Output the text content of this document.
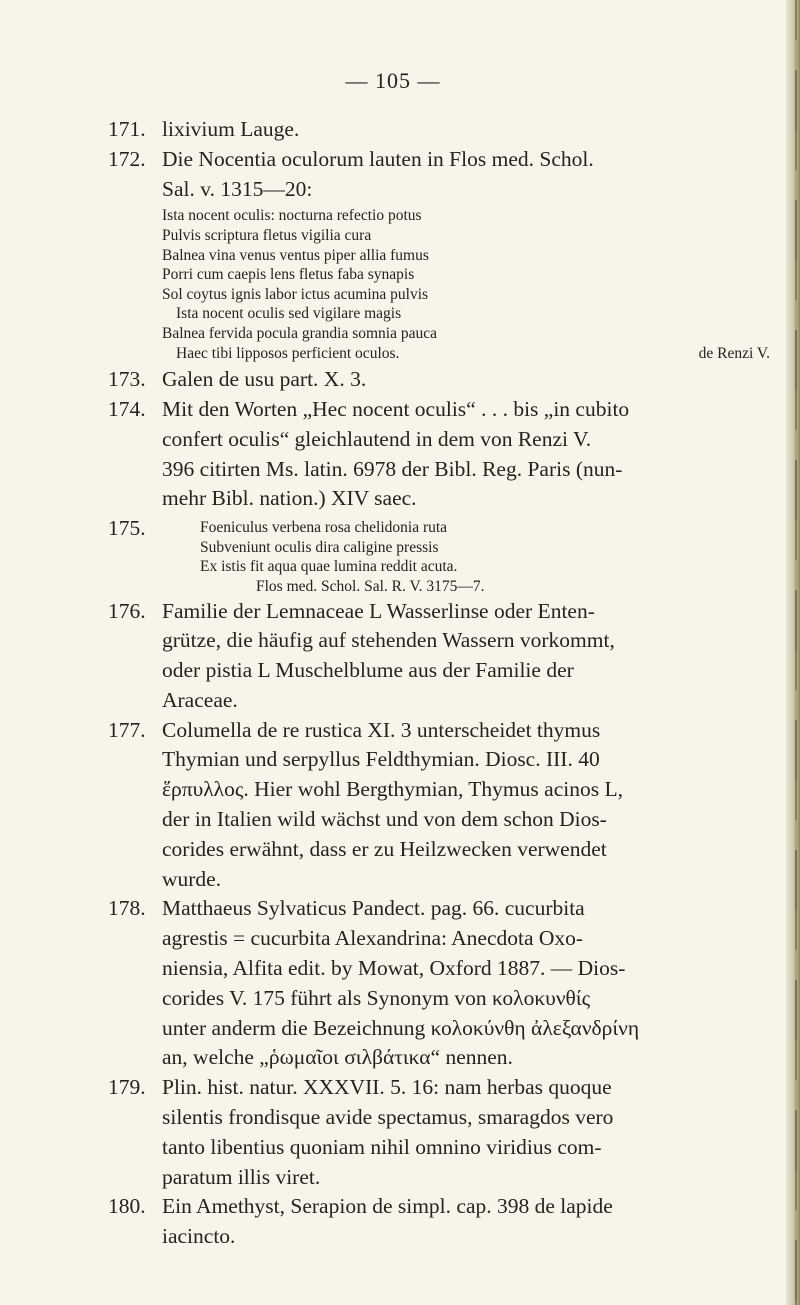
— 105 —
171. lixivium Lauge.
172. Die Nocentia oculorum lauten in Flos med. Schol.
Sal. v. 1315—20:
Ista nocent oculis: nocturna refectio potus
Pulvis scriptura fletus vigilia cura
Balnea vina venus ventus piper allia fumus
Porri cum caepis lens fletus faba synapis
Sol coytus ignis labor ictus acumina pulvis
Ista nocent oculis sed vigilare magis
Balnea fervida pocula grandia somnia pauca
Haec tibi lipposos perficient oculos.	de Renzi V.
173. Galen de usu part. X. 3.
174. Mit den Worten „Hec nocent oculis“ . . . bis „in cubito
confert oculis“ gleichlautend in dem von Renzi V.
396 citirten Ms. latin. 6978 der Bibl. Reg. Paris (nun-
mehr Bibl. nation.) XIV saec.
175.	Foeniculus verbena rosa chelidonia ruta
Subveniunt oculis dira caligine pressis
Ex istis fit aqua quae lumina reddit acuta.
Flos med. Schol. Sal. R. V. 3175—7.
176. Familie der Lemnaceae L Wasserlinse oder Enten-
grütze, die häufig auf stehenden Wassern vorkommt,
oder pistia L Muschelblume aus der Familie der
Araceae.
177. Columella de re rustica XI. 3 unterscheidet thymus
Thymian und serpyllus Feldthymian. Diosc. III. 40
ἕρπυλλος. Hier wohl Bergthymian, Thymus acinos L,
der in Italien wild wächst und von dem schon Dios-
corides erwähnt, dass er zu Heilzwecken verwendet
wurde.
178. Matthaeus Sylvaticus Pandect. pag. 66. cucurbita
agrestis = cucurbita Alexandrina: Anecdota Oxo-
niensia, Alfita edit. by Mowat, Oxford 1887. — Dios-
corides V. 175 führt als Synonym von κολοκυνθίς
unter anderm die Bezeichnung κολοκύνθη ἀλεξανδρίνη
an, welche „ῥωμαῖοι σιλβάτικα“ nennen.
179. Plin. hist. natur. XXXVII. 5. 16: nam herbas quoque
silentis frondisque avide spectamus, smaragdos vero
tanto libentius quoniam nihil omnino viridius com-
paratum illis viret.
180. Ein Amethyst, Serapion de simpl. cap. 398 de lapide
iacincto.
